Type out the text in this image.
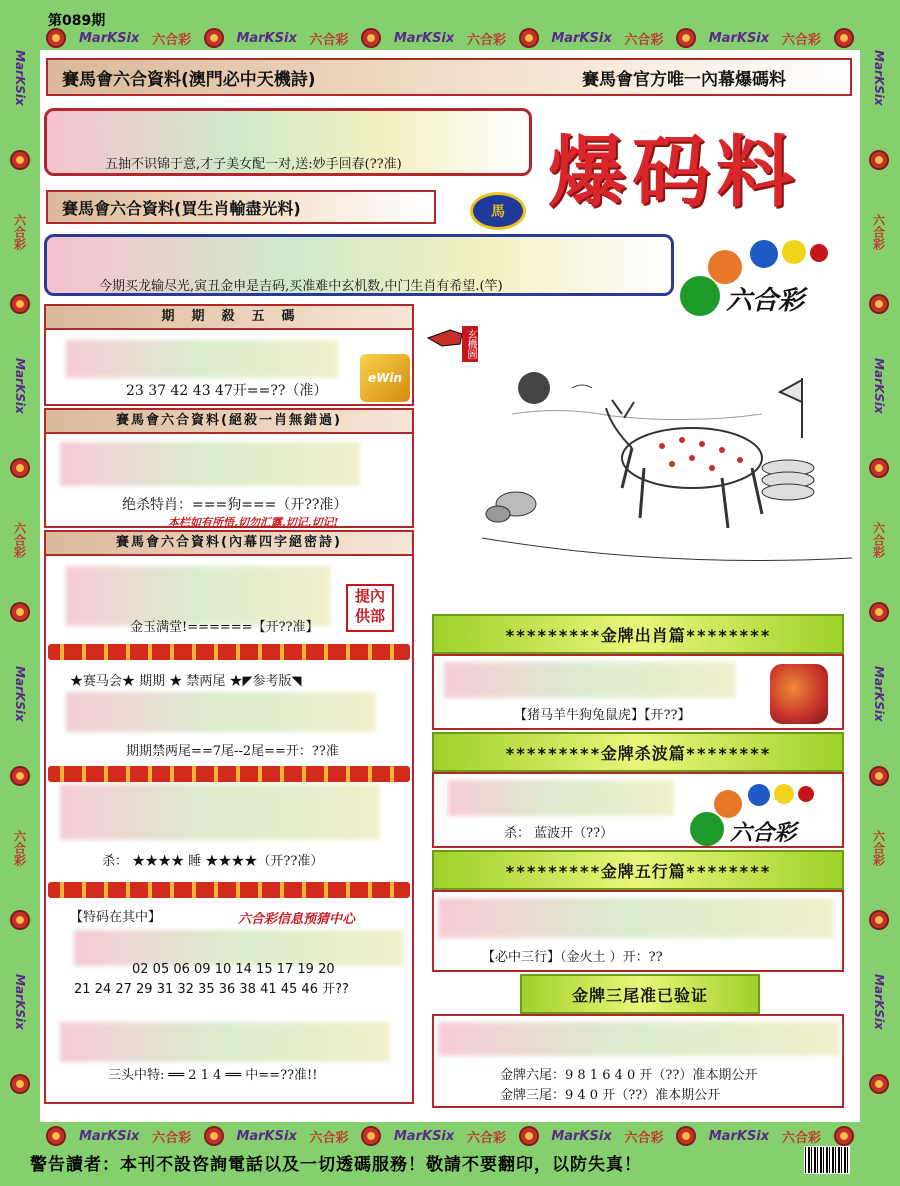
MarKSix 六合彩	MarKSix 六合彩	MarKSix 六合彩	MarKSix 六合彩	MarKSix 六合彩
MarKSix 六合彩	MarKSix 六合彩	MarKSix 六合彩	MarKSix 六合彩	MarKSix 六合彩
MarKSix
六合彩
MarKSix
六合彩
MarKSix
六合彩
MarKSix
MarKSix
六合彩
MarKSix
六合彩
MarKSix
六合彩
MarKSix
第089期
賽馬會六合資料(澳門必中天機詩)	賽馬會官方唯一內幕爆碼料
五抽不识锦于意,才子美女配一对,送:妙手回春(??准)
賽馬會六合資料(買生肖輸盡光料)	馬 爆码料
今期买龙输尽光,寅丑金申是吉码,买准难中玄机数,中门生肖有希望.(竿)	六合彩
期　期　殺　五　碼
23 37 42 43 47开==??（准）
eWin
賽馬會六合資料(絕殺一肖無錯過)
绝杀特肖：===狗===（开??准）
本栏如有所悟,切勿汇露,切记,切记!
賽馬會六合資料(內幕四字絕密詩)
金玉满堂!======【开??准】
★赛马会★ 期期 ★ 禁两尾 ★◤参考版◥
期期禁两尾==7尾--2尾==开：??准
杀： ★★★★ 睡 ★★★★（开??准）
【特码在其中】	六合彩信息预猜中心
02 05 06 09 10 14 15 17 19 20
21 24 27 29 31 32 35 36 38 41 45 46 开??
三头中特: ══ 2 1 4 ══ 中==??准!!
提內
供部
玄機圖
*********金牌出肖篇********
【猪马羊牛狗兔鼠虎】【开??】
*********金牌杀波篇********
杀： 蓝波开（??）	六合彩
*********金牌五行篇********
【必中三行】（金火土 ）开：??
金牌三尾准已验证
金牌六尾：9 8 1 6 4 0 开（??）准本期公开
金牌三尾：9 4 0 开（??）准本期公开
警告讀者：本刊不設咨詢電話以及一切透碼服務！敬請不要翻印，以防失真！
